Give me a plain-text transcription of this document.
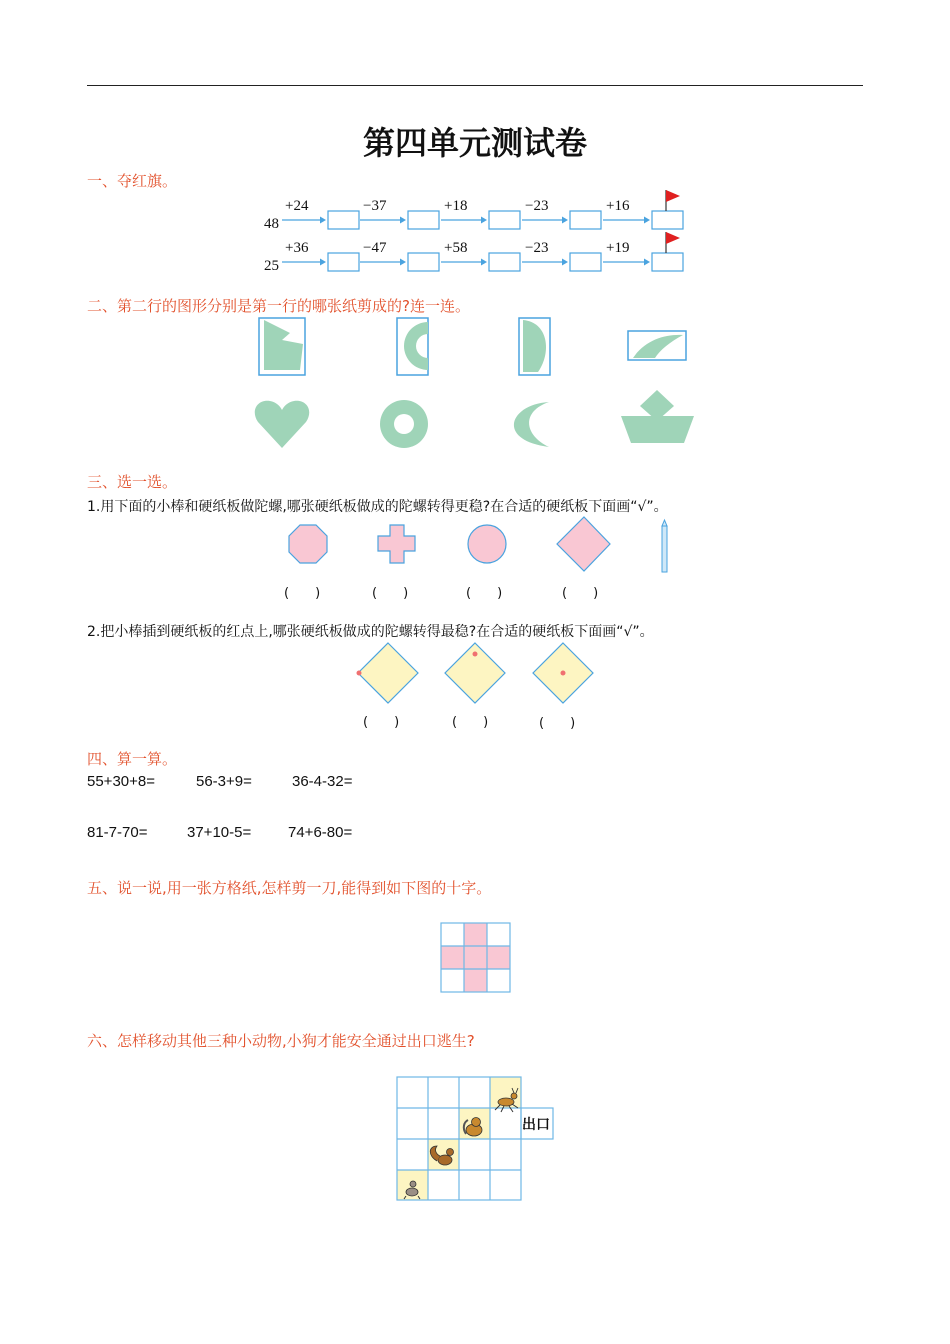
第四单元测试卷
一、夺红旗。
48
+24	−37	+18	−23	+16
25
+36	−47	+58	−23	+19
二、第二行的图形分别是第一行的哪张纸剪成的?连一连。
三、选一选。
1.用下面的小棒和硬纸板做陀螺,哪张硬纸板做成的陀螺转得更稳?在合适的硬纸板下面画“√”。
(　　)	(　　)	(　　)	(　　)
2.把小棒插到硬纸板的红点上,哪张硬纸板做成的陀螺转得最稳?在合适的硬纸板下面画“√”。
(　　)	(　　)	(　　)
四、算一算。
55+30+8=	56-3+9=	36-4-32=
81-7-70=	37+10-5= 74+6-80=
五、说一说,用一张方格纸,怎样剪一刀,能得到如下图的十字。
六、怎样移动其他三种小动物,小狗才能安全通过出口逃生?
出口
